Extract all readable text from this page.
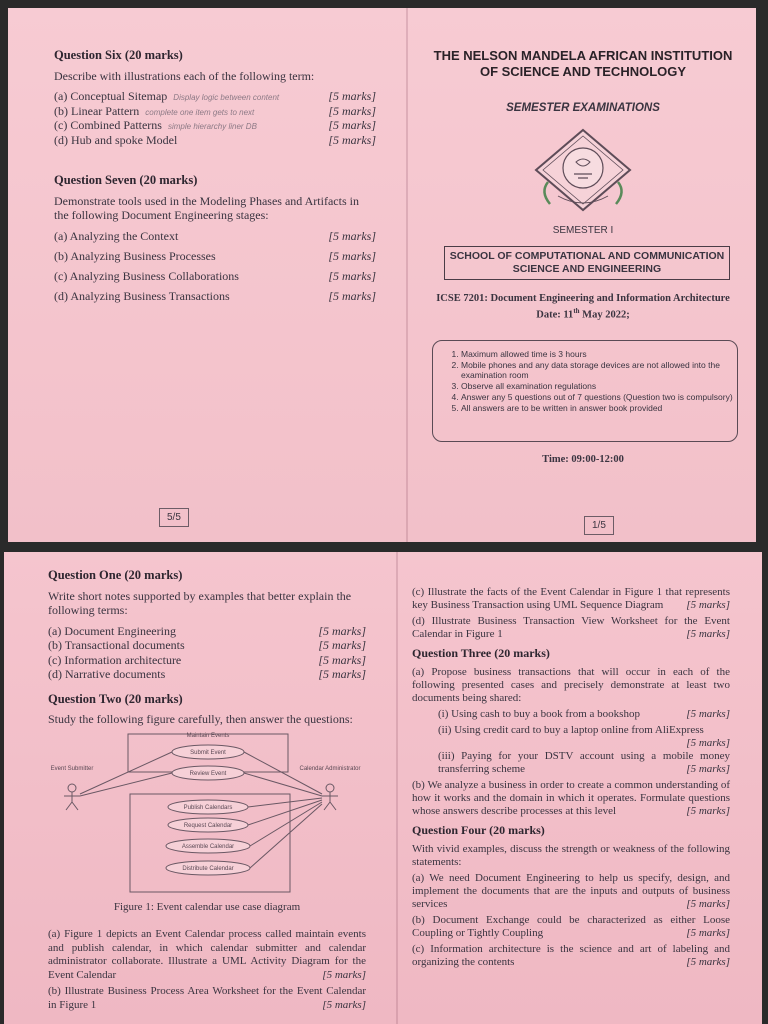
Question Six (20 marks)
Describe with illustrations each of the following term:
(a) Conceptual Sitemap Display logic between content	[5 marks]
(b) Linear Pattern complete one item gets to next	[5 marks]
(c) Combined Patterns simple hierarchy liner DB	[5 marks]
(d) Hub and spoke Model	[5 marks]
Question Seven (20 marks)
Demonstrate tools used in the Modeling Phases and Artifacts in the following Document Engineering stages:
(a) Analyzing the Context	[5 marks]
(b) Analyzing Business Processes	[5 marks]
(c) Analyzing Business Collaborations	[5 marks]
(d) Analyzing Business Transactions	[5 marks]
5/5
THE NELSON MANDELA AFRICAN INSTITUTION OF SCIENCE AND TECHNOLOGY
SEMESTER EXAMINATIONS
SEMESTER I
SCHOOL OF COMPUTATIONAL AND COMMUNICATION SCIENCE AND ENGINEERING
ICSE 7201: Document Engineering and Information Architecture
Date: 11th May 2022;
1. Maximum allowed time is 3 hours
2. Mobile phones and any data storage devices are not allowed into the examination room
3. Observe all examination regulations
4. Answer any 5 questions out of 7 questions (Question two is compulsory)
5. All answers are to be written in answer book provided
Time: 09:00-12:00
1/5
Question One (20 marks)
Write short notes supported by examples that better explain the following terms:
(a) Document Engineering	[5 marks]
(b) Transactional documents	[5 marks]
(c) Information architecture	[5 marks]
(d) Narrative documents	[5 marks]
Question Two (20 marks)
Study the following figure carefully, then answer the questions:
Maintain Events
Submit Event
Review Event
Publish Calendars
Request Calendar
Assemble Calendar
Distribute Calendar
Event Submitter	Calendar Administrator
Figure 1: Event calendar use case diagram
(a) Figure 1 depicts an Event Calendar process called maintain events and publish calendar, in which calendar submitter and calendar administrator collaborate. Illustrate a UML Activity Diagram for the Event Calendar	[5 marks]
(b) Illustrate Business Process Area Worksheet for the Event Calendar in Figure 1	[5 marks]
(c) Illustrate the facts of the Event Calendar in Figure 1 that represents key Business Transaction using UML Sequence Diagram [5 marks]
(d) Illustrate Business Transaction View Worksheet for the Event Calendar in Figure 1	[5 marks]
Question Three (20 marks)
(a) Propose business transactions that will occur in each of the following presented cases and precisely demonstrate at least two documents being shared:
(i) Using cash to buy a book from a bookshop	[5 marks]
(ii) Using credit card to buy a laptop online from AliExpress
[5 marks]
(iii) Paying for your DSTV account using a mobile money transferring scheme	[5 marks]
(b) We analyze a business in order to create a common understanding of how it works and the domain in which it operates. Formulate questions whose answers describe processes at this level	[5 marks]
Question Four (20 marks)
With vivid examples, discuss the strength or weakness of the following statements:
(a) We need Document Engineering to help us specify, design, and implement the documents that are the inputs and outputs of business services	[5 marks]
(b) Document Exchange could be characterized as either Loose Coupling or Tightly Coupling	[5 marks]
(c) Information architecture is the science and art of labeling and organizing the contents	[5 marks]
